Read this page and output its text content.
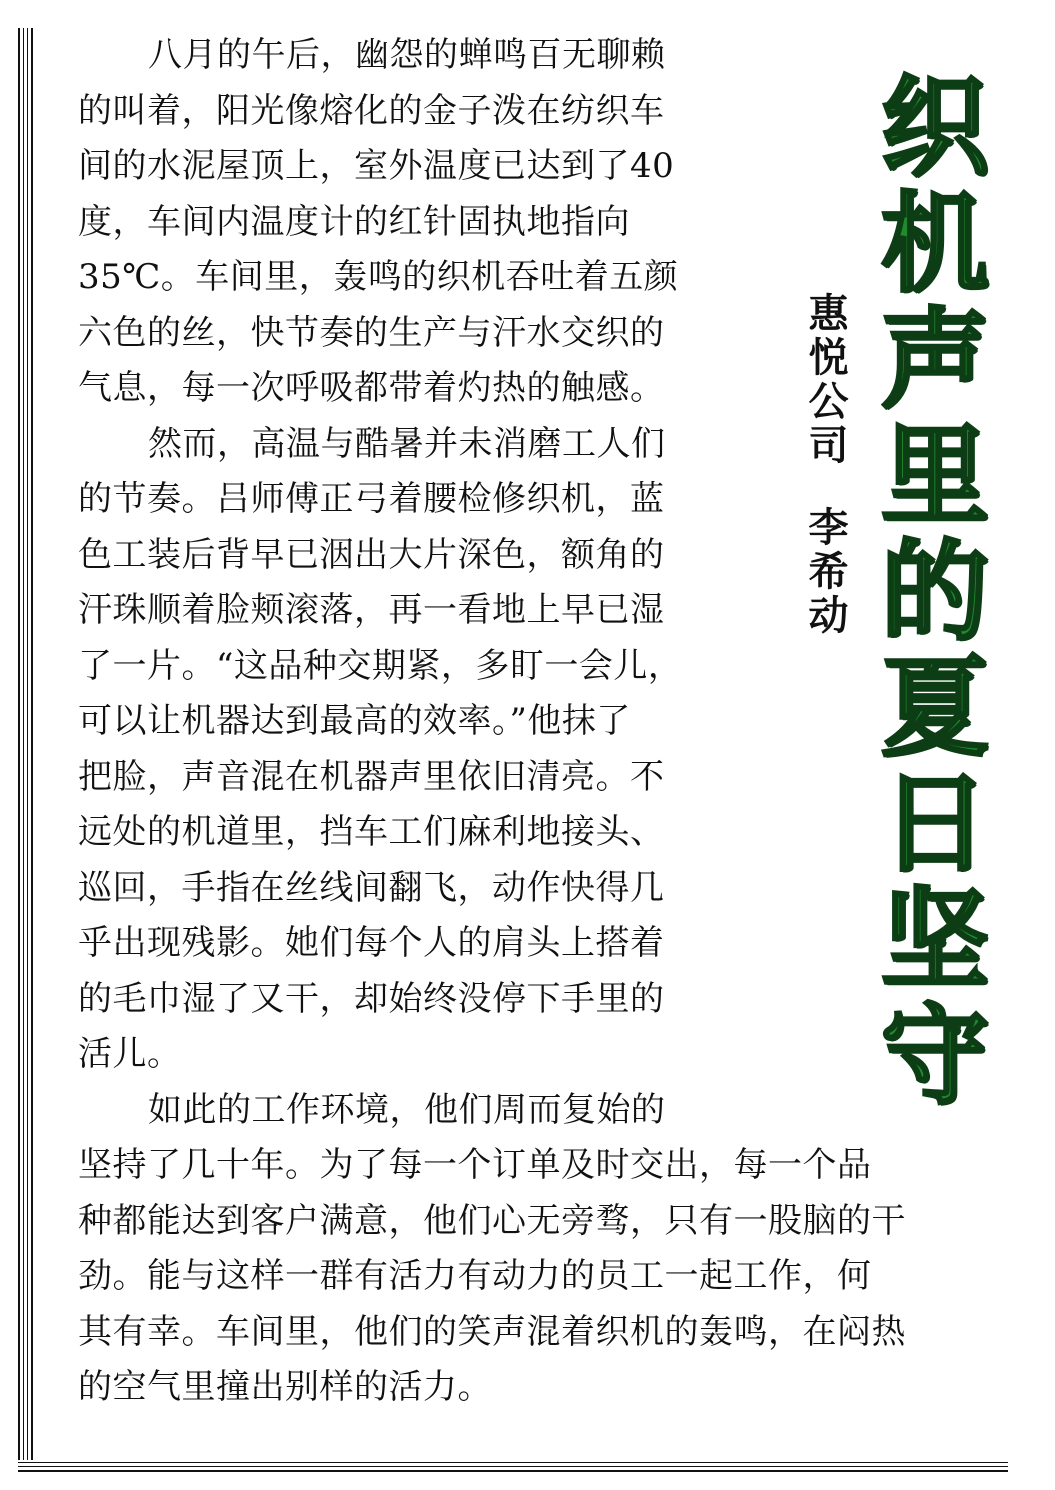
八月的午后，幽怨的蝉鸣百无聊赖
的叫着，阳光像熔化的金子泼在纺织车
间的水泥屋顶上，室外温度已达到了40
度，车间内温度计的红针固执地指向
35℃。车间里，轰鸣的织机吞吐着五颜
六色的丝，快节奏的生产与汗水交织的
气息，每一次呼吸都带着灼热的触感。
然而，高温与酷暑并未消磨工人们
的节奏。吕师傅正弓着腰检修织机，蓝
色工装后背早已洇出大片深色，额角的
汗珠顺着脸颊滚落，再一看地上早已湿
了一片。“这品种交期紧，多盯一会儿，
可以让机器达到最高的效率。”他抹了
把脸，声音混在机器声里依旧清亮。不
远处的机道里，挡车工们麻利地接头、
巡回，手指在丝线间翻飞，动作快得几
乎出现残影。她们每个人的肩头上搭着
的毛巾湿了又干，却始终没停下手里的
活儿。
如此的工作环境，他们周而复始的
坚持了几十年。为了每一个订单及时交出，每一个品
种都能达到客户满意，他们心无旁骛，只有一股脑的干
劲。能与这样一群有活力有动力的员工一起工作，何
其有幸。车间里，他们的笑声混着织机的轰鸣，在闷热
的空气里撞出别样的活力。
惠悦公司李希动
织
机
声
里
的
夏
日
坚
守
